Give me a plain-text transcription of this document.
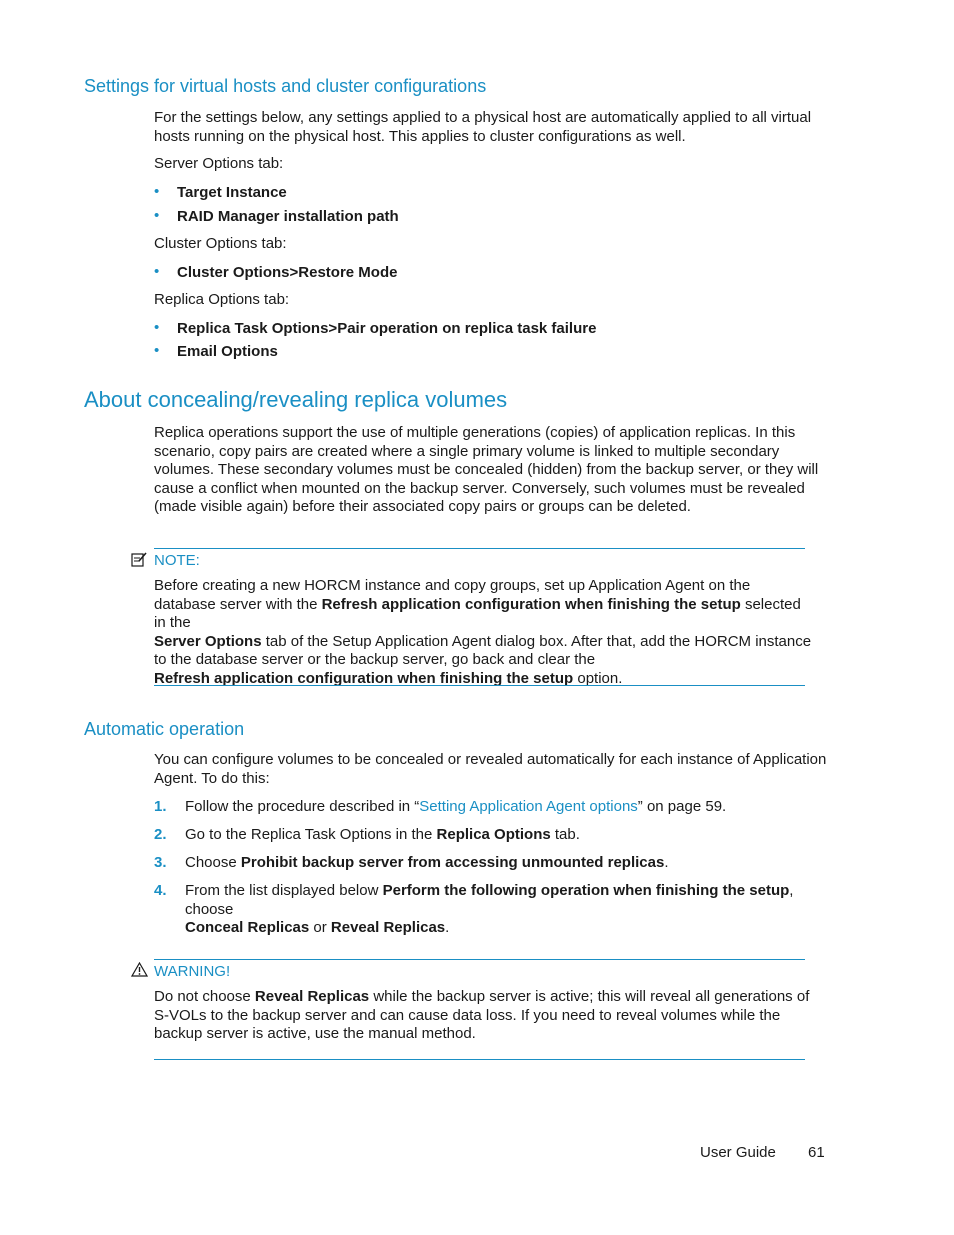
Settings for virtual hosts and cluster configurations
For the settings below, any settings applied to a physical host are automatically applied to all virtual hosts running on the physical host. This applies to cluster configurations as well.
Server Options tab:
• Target Instance
• RAID Manager installation path
Cluster Options tab:
• Cluster Options>Restore Mode
Replica Options tab:
• Replica Task Options>Pair operation on replica task failure
• Email Options
About concealing/revealing replica volumes
Replica operations support the use of multiple generations (copies) of application replicas. In this scenario, copy pairs are created where a single primary volume is linked to multiple secondary volumes. These secondary volumes must be concealed (hidden) from the backup server, or they will cause a conflict when mounted on the backup server. Conversely, such volumes must be revealed (made visible again) before their associated copy pairs or groups can be deleted.
NOTE:
Before creating a new HORCM instance and copy groups, set up Application Agent on the database server with the Refresh application configuration when finishing the setup selected in the
Server Options tab of the Setup Application Agent dialog box. After that, add the HORCM instance to the database server or the backup server, go back and clear the
Refresh application configuration when finishing the setup option.
Automatic operation
You can configure volumes to be concealed or revealed automatically for each instance of Application Agent. To do this:
1. Follow the procedure described in “Setting Application Agent options” on page 59.
2. Go to the Replica Task Options in the Replica Options tab.
3. Choose Prohibit backup server from accessing unmounted replicas.
4. From the list displayed below Perform the following operation when finishing the setup, choose
Conceal Replicas or Reveal Replicas.
WARNING!
Do not choose Reveal Replicas while the backup server is active; this will reveal all generations of S-VOLs to the backup server and can cause data loss. If you need to reveal volumes while the backup server is active, use the manual method.
User Guide 61
